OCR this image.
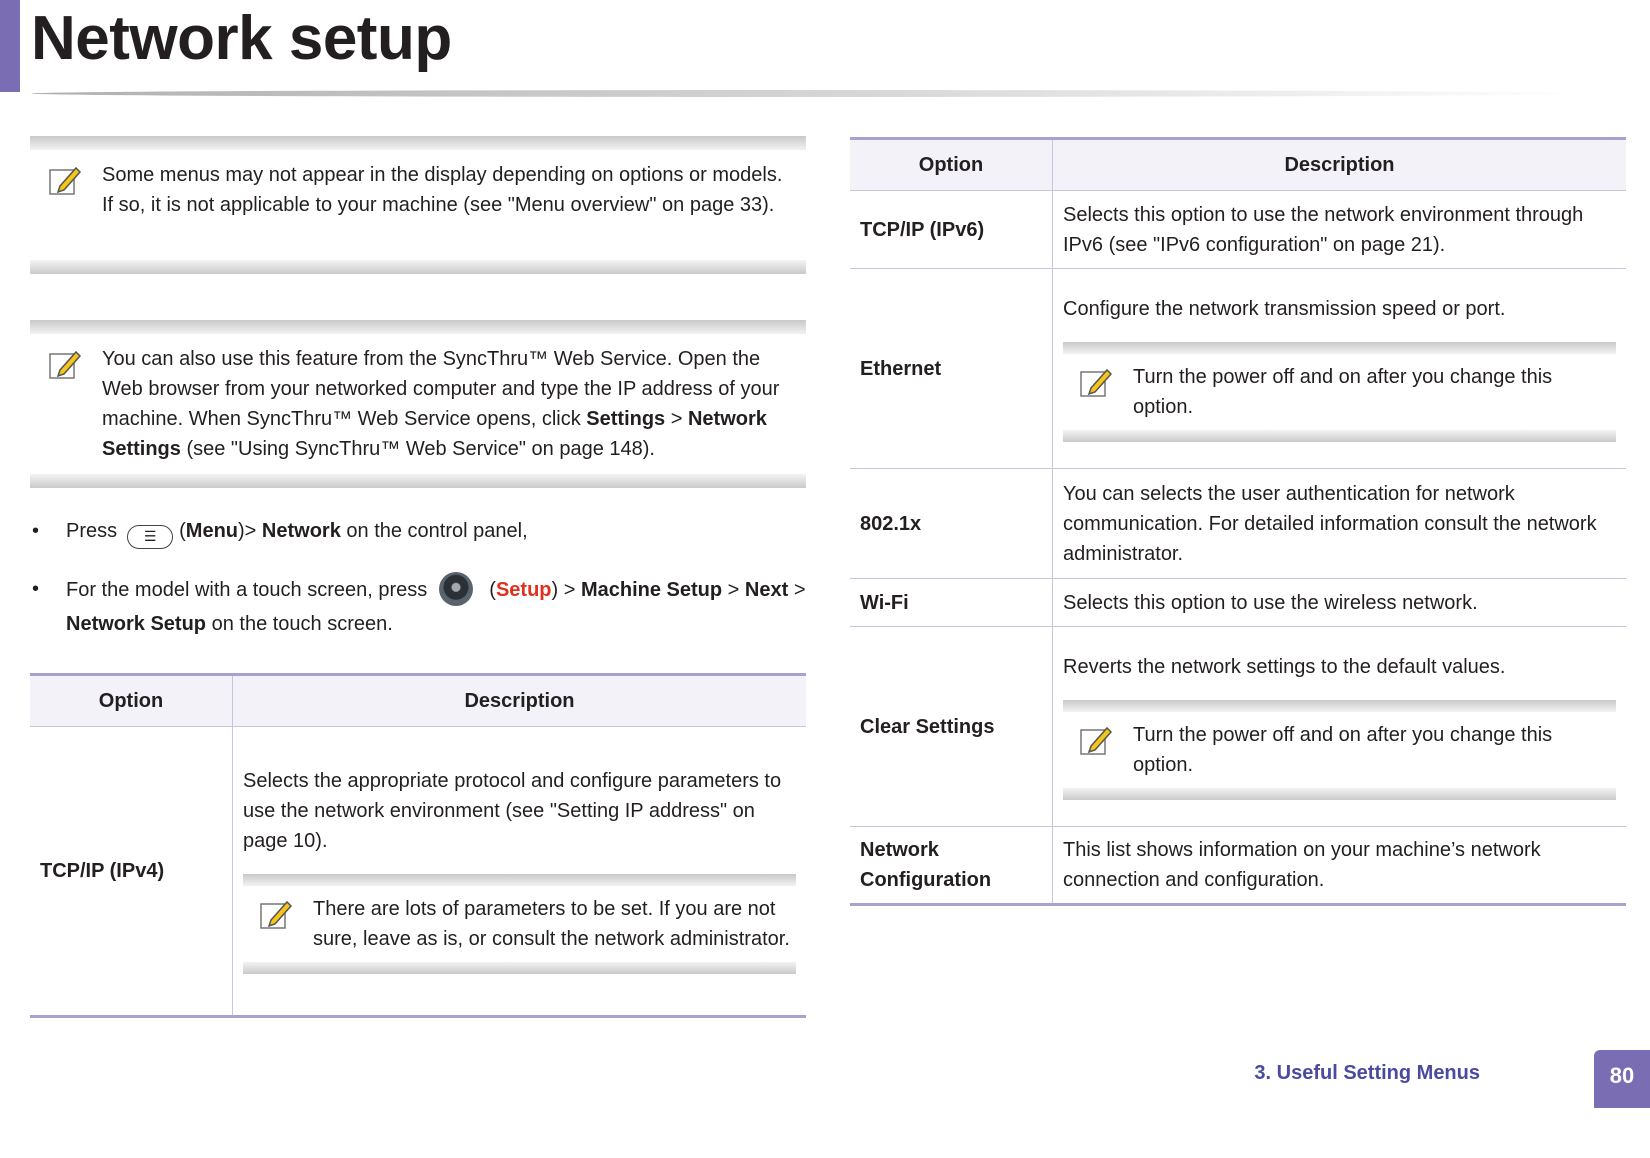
Network setup
Some menus may not appear in the display depending on options or models. If so, it is not applicable to your machine (see "Menu overview" on page 33).
You can also use this feature from the SyncThru™ Web Service. Open the Web browser from your networked computer and type the IP address of your machine. When SyncThru™ Web Service opens, click Settings > Network Settings (see "Using SyncThru™ Web Service" on page 148).
• Press ☰ (Menu)> Network on the control panel,
• For the model with a touch screen, press	(Setup) > Machine Setup > Next > Network Setup on the touch screen.
Option	Description
TCP/IP (IPv4)	Selects the appropriate protocol and configure parameters to use the network environment (see "Setting IP address" on page 10).
There are lots of parameters to be set. If you are not sure, leave as is, or consult the network administrator.
Option	Description
TCP/IP (IPv6)	Selects this option to use the network environment through IPv6 (see "IPv6 configuration" on page 21).
Ethernet	Configure the network transmission speed or port.
Turn the power off and on after you change this option.

802.1x	You can selects the user authentication for network communication. For detailed information consult the network administrator.
Wi-Fi	Selects this option to use the wireless network.
Clear Settings	Reverts the network settings to the default values.
Turn the power off and on after you change this option.

Network Configuration	This list shows information on your machine’s network connection and configuration.
3. Useful Setting Menus	80
